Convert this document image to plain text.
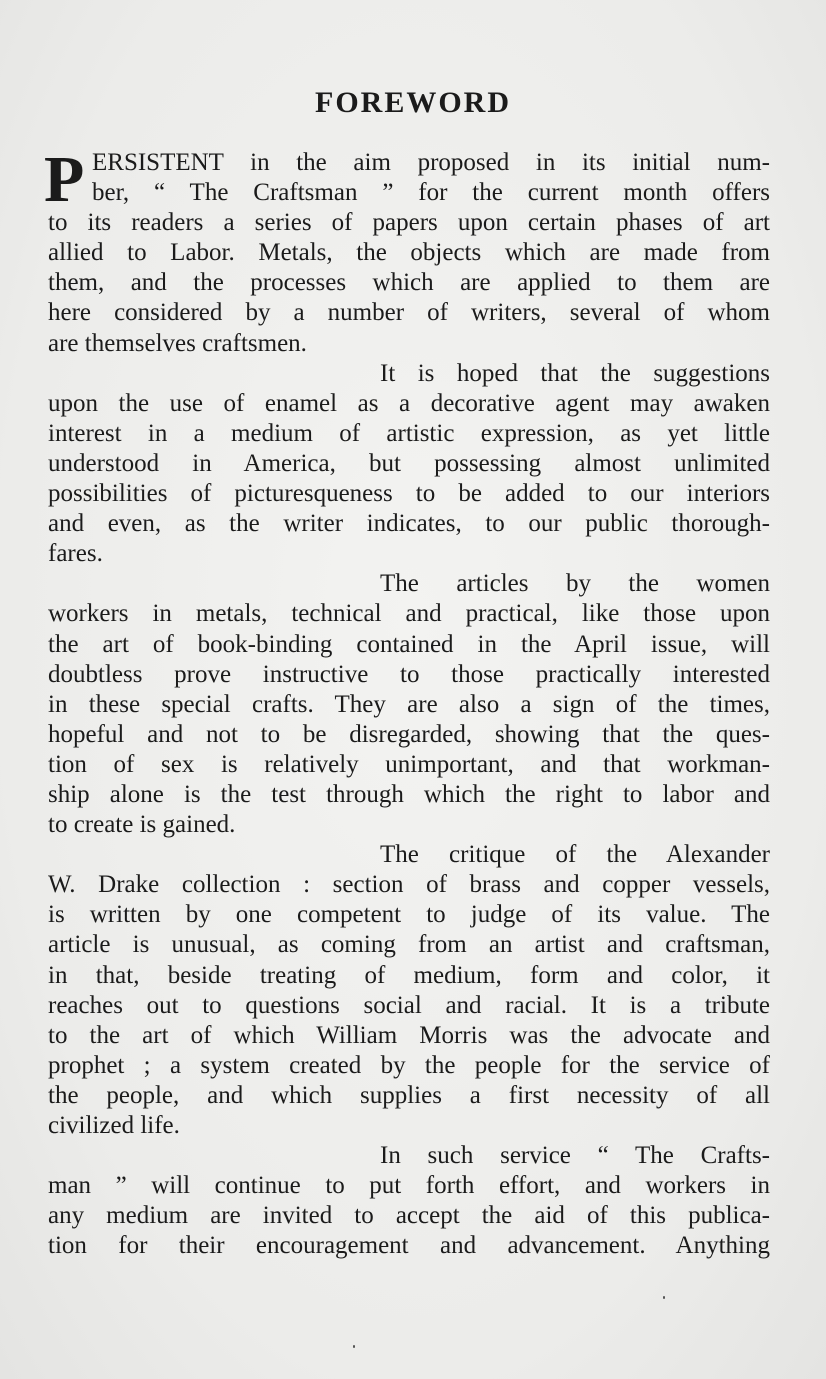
FOREWORD
P ERSISTENT in the aim proposed in its initial num-
ber, “ The Craftsman ” for the current month offers
to its readers a series of papers upon certain phases of art
allied to Labor. Metals, the objects which are made from
them, and the processes which are applied to them are
here considered by a number of writers, several of whom
are themselves craftsmen.
It is hoped that the suggestions
upon the use of enamel as a decorative agent may awaken
interest in a medium of artistic expression, as yet little
understood in America, but possessing almost unlimited
possibilities of picturesqueness to be added to our interiors
and even, as the writer indicates, to our public thorough-
fares.
The articles by the women
workers in metals, technical and practical, like those upon
the art of book-binding contained in the April issue, will
doubtless prove instructive to those practically interested
in these special crafts. They are also a sign of the times,
hopeful and not to be disregarded, showing that the ques-
tion of sex is relatively unimportant, and that workman-
ship alone is the test through which the right to labor and
to create is gained.
The critique of the Alexander
W. Drake collection : section of brass and copper vessels,
is written by one competent to judge of its value. The
article is unusual, as coming from an artist and craftsman,
in that, beside treating of medium, form and color, it
reaches out to questions social and racial. It is a tribute
to the art of which William Morris was the advocate and
prophet ; a system created by the people for the service of
the people, and which supplies a first necessity of all
civilized life.
In such service “ The Crafts-
man ” will continue to put forth effort, and workers in
any medium are invited to accept the aid of this publica-
tion for their encouragement and advancement. Anything
